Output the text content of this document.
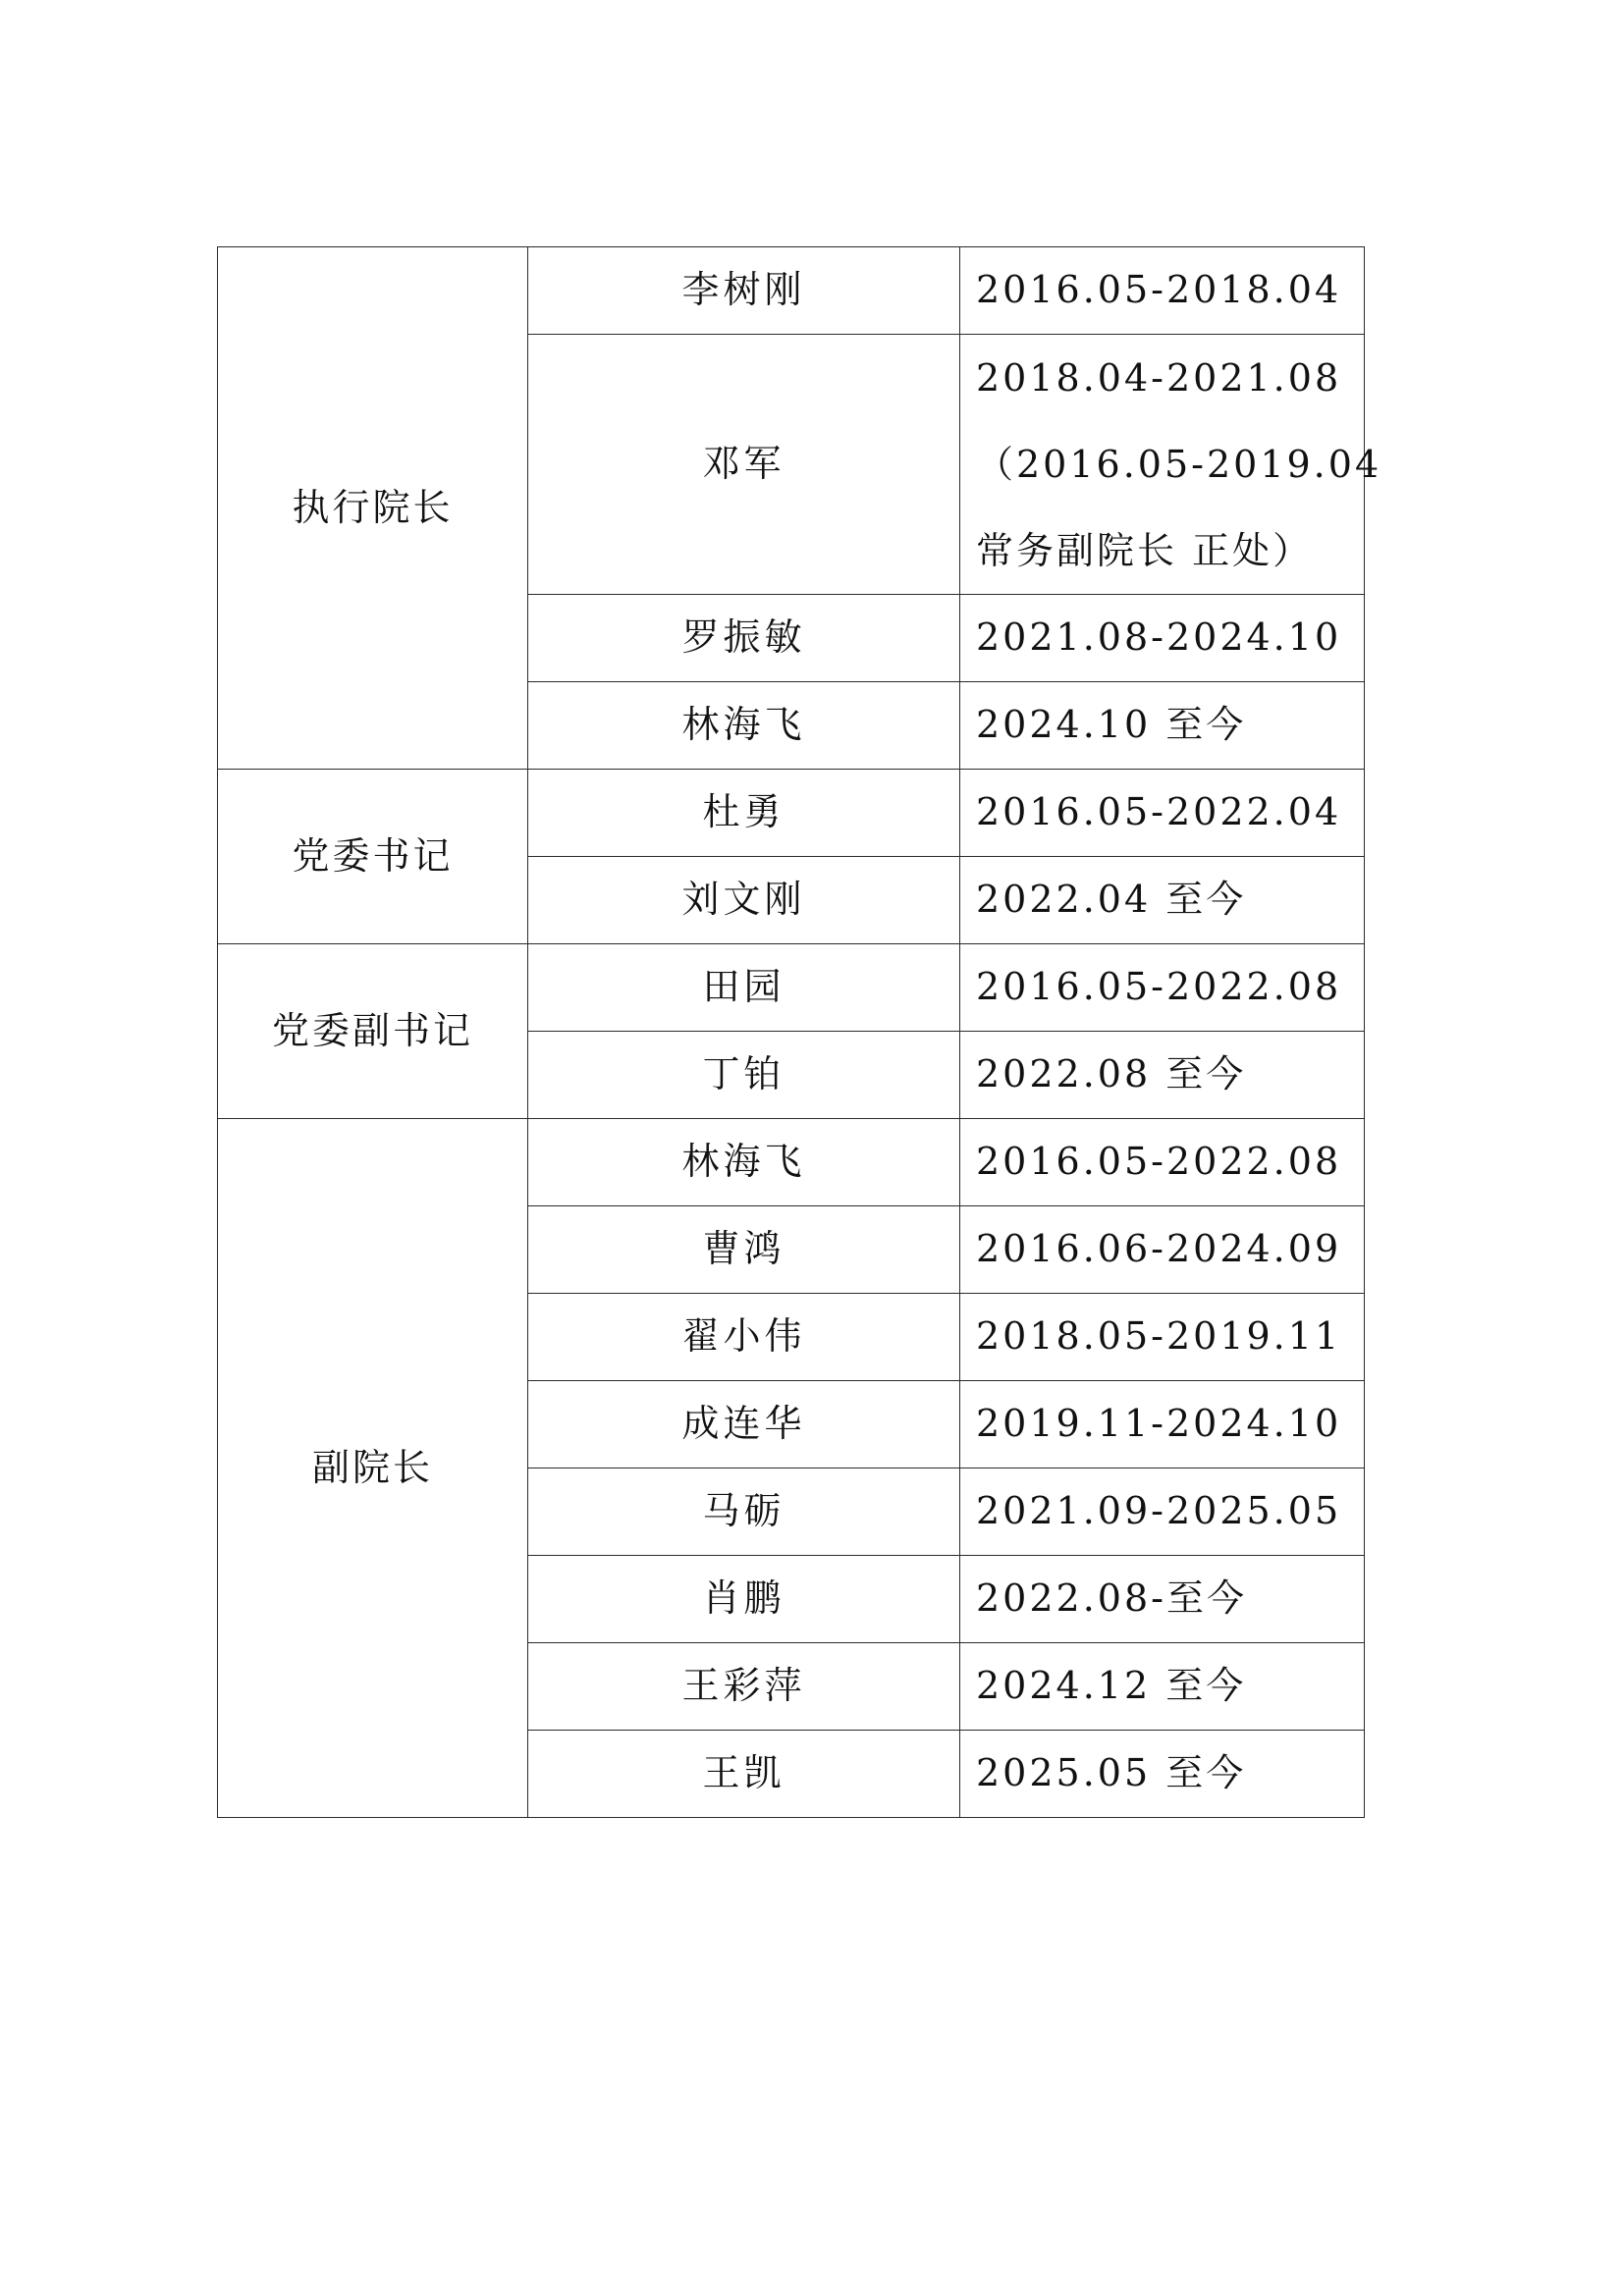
执行院长	李树刚	2016.05-2018.04

	邓军	2018.04-2021.08
（2016.05-2019.04
常务副院长 正处）

	罗振敏	2021.08-2024.10

	林海飞	2024.10 至今

党委书记	杜勇	2016.05-2022.04

	刘文刚	2022.04 至今

党委副书记	田园	2016.05-2022.08

	丁铂	2022.08 至今

副院长	林海飞	2016.05-2022.08

	曹鸿	2016.06-2024.09

	翟小伟	2018.05-2019.11

	成连华	2019.11-2024.10

	马砺	2021.09-2025.05

	肖鹏	2022.08-至今

	王彩萍	2024.12 至今

	王凯	2025.05 至今
